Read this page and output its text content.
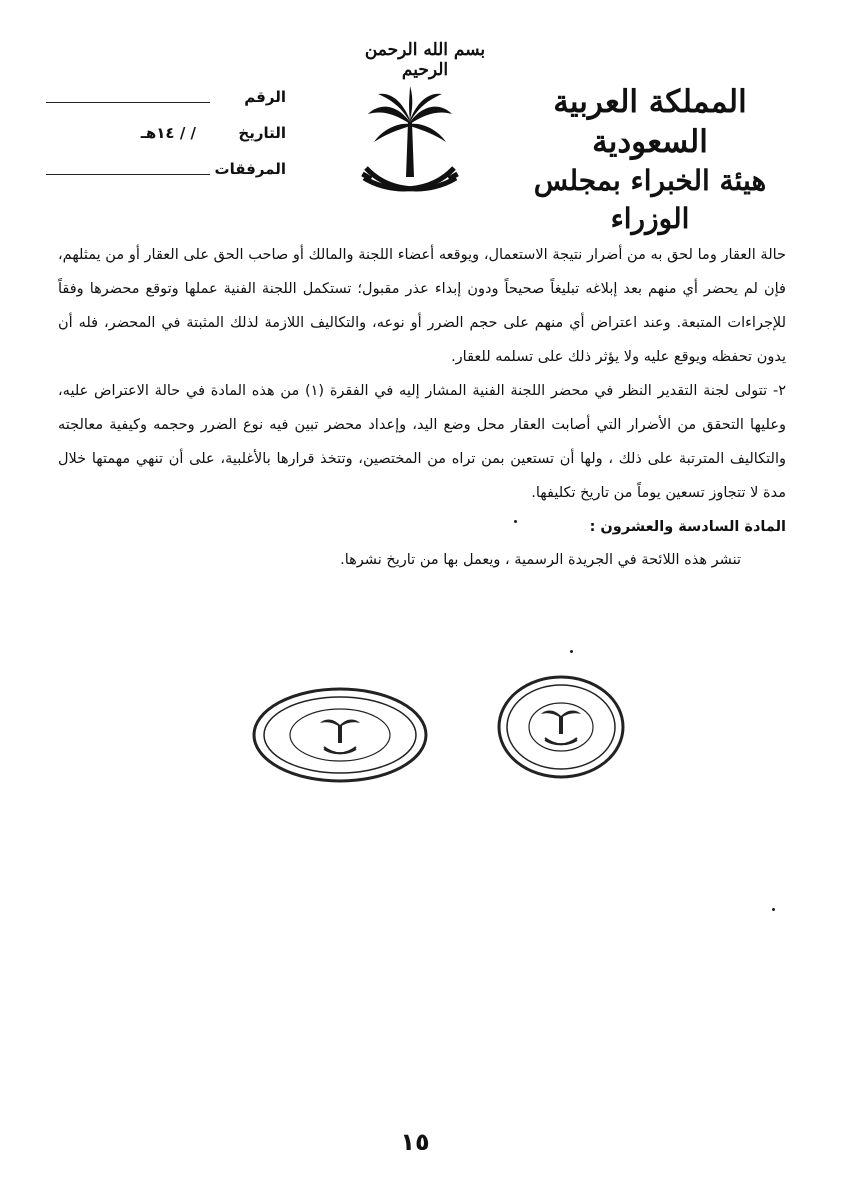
بسم الله الرحمن الرحيم
المملكة العربية السعودية
هيئة الخبراء بمجلس الوزراء
الرقم
التاريخ
/ / ١٤هـ
المرفقات

حالة العقار وما لحق به من أضرار نتيجة الاستعمال، ويوقعه أعضاء اللجنة والمالك أو صاحب الحق على العقار أو من يمثلهم، فإن لم يحضر أي منهم بعد إبلاغه تبليغاً صحيحاً ودون إبداء عذر مقبول؛ تستكمل اللجنة الفنية عملها وتوقع محضرها وفقاً للإجراءات المتبعة. وعند اعتراض أي منهم على حجم الضرر أو نوعه، والتكاليف اللازمة لذلك المثبتة في المحضر، فله أن يدون تحفظه ويوقع عليه ولا يؤثر ذلك على تسلمه للعقار.

٢- تتولى لجنة التقدير النظر في محضر اللجنة الفنية المشار إليه في الفقرة (١) من هذه المادة في حالة الاعتراض عليه، وعليها التحقق من الأضرار التي أصابت العقار محل وضع اليد، وإعداد محضر تبين فيه نوع الضرر وحجمه وكيفية معالجته والتكاليف المترتبة على ذلك ، ولها أن تستعين بمن تراه من المختصين، وتتخذ قرارها بالأغلبية، على أن تنهي مهمتها خلال مدة لا تتجاوز تسعين يوماً من تاريخ تكليفها.

المادة السادسة والعشرون :

تنشر هذه اللائحة في الجريدة الرسمية ، ويعمل بها من تاريخ نشرها.

١٥
